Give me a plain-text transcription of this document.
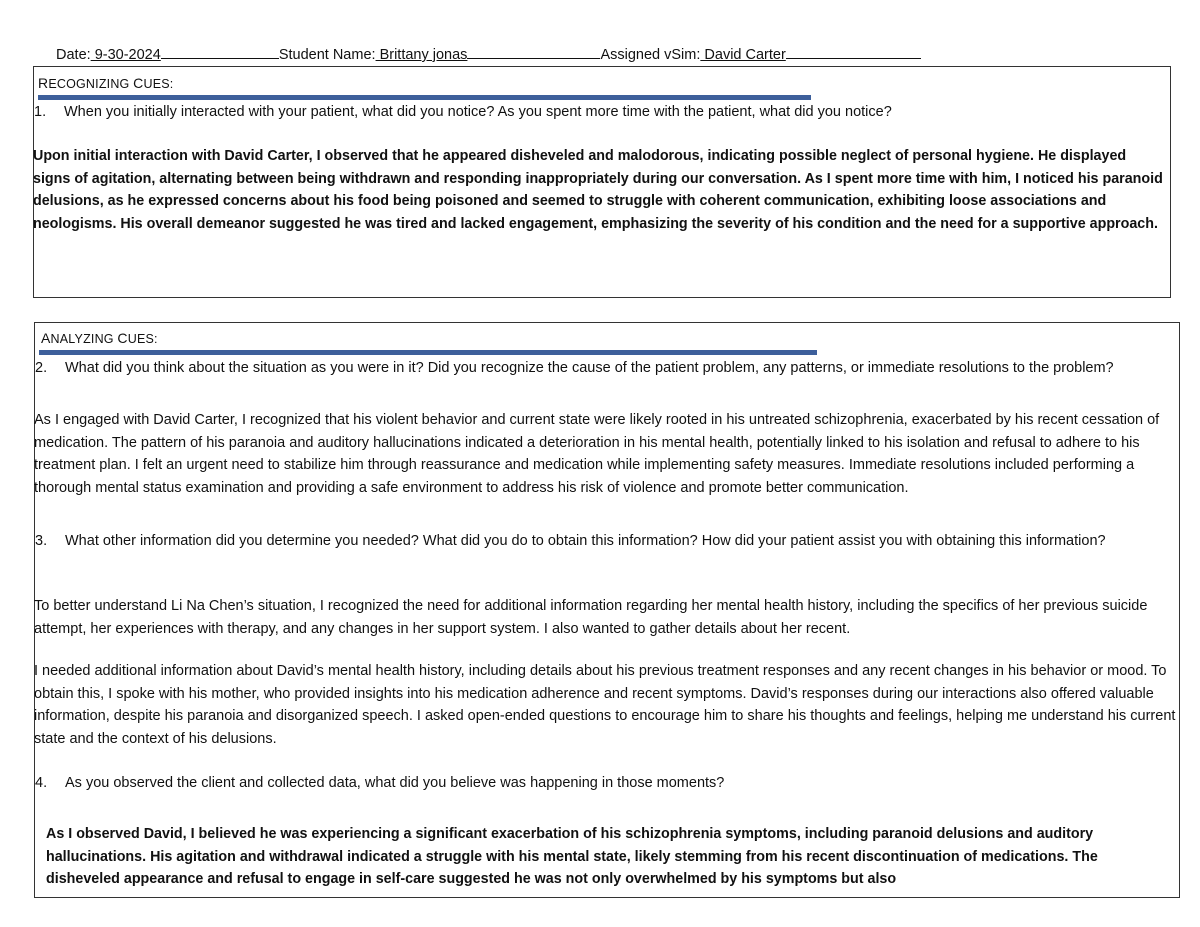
Date: 9-30-2024	Student Name: Brittany jonas	Assigned vSim: David Carter
RECOGNIZING CUES:
1.	When you initially interacted with your patient, what did you notice? As you spent more time with the patient, what did you notice?
Upon initial interaction with David Carter, I observed that he appeared disheveled and malodorous, indicating possible neglect of personal hygiene. He displayed signs of agitation, alternating between being withdrawn and responding inappropriately during our conversation. As I spent more time with him, I noticed his paranoid delusions, as he expressed concerns about his food being poisoned and seemed to struggle with coherent communication, exhibiting loose associations and neologisms. His overall demeanor suggested he was tired and lacked engagement, emphasizing the severity of his condition and the need for a supportive approach.
ANALYZING CUES:
2.	What did you think about the situation as you were in it? Did you recognize the cause of the patient problem, any patterns, or immediate resolutions to the problem?
As I engaged with David Carter, I recognized that his violent behavior and current state were likely rooted in his untreated schizophrenia, exacerbated by his recent cessation of medication. The pattern of his paranoia and auditory hallucinations indicated a deterioration in his mental health, potentially linked to his isolation and refusal to adhere to his treatment plan. I felt an urgent need to stabilize him through reassurance and medication while implementing safety measures. Immediate resolutions included performing a thorough mental status examination and providing a safe environment to address his risk of violence and promote better communication.
3.	What other information did you determine you needed? What did you do to obtain this information? How did your patient assist you with obtaining this information?
To better understand Li Na Chen’s situation, I recognized the need for additional information regarding her mental health history, including the specifics of her previous suicide attempt, her experiences with therapy, and any changes in her support system. I also wanted to gather details about her recent.
I needed additional information about David’s mental health history, including details about his previous treatment responses and any recent changes in his behavior or mood. To obtain this, I spoke with his mother, who provided insights into his medication adherence and recent symptoms. David’s responses during our interactions also offered valuable information, despite his paranoia and disorganized speech. I asked open-ended questions to encourage him to share his thoughts and feelings, helping me understand his current state and the context of his delusions.
4.	As you observed the client and collected data, what did you believe was happening in those moments?
As I observed David, I believed he was experiencing a significant exacerbation of his schizophrenia symptoms, including paranoid delusions and auditory hallucinations. His agitation and withdrawal indicated a struggle with his mental state, likely stemming from his recent discontinuation of medications. The disheveled appearance and refusal to engage in self-care suggested he was not only overwhelmed by his symptoms but also
